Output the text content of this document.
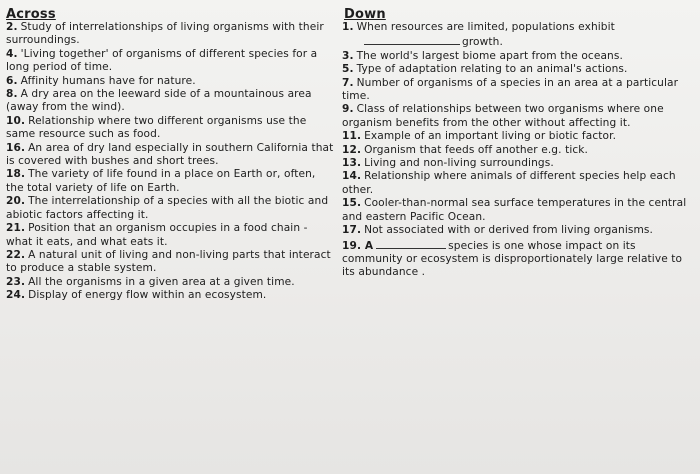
Across
2. Study of interrelationships of living organisms with their surroundings.
4. 'Living together' of organisms of different species for a long period of time.
6. Affinity humans have for nature.
8. A dry area on the leeward side of a mountainous area (away from the wind).
10. Relationship where two different organisms use the same resource such as food.
16. An area of dry land especially in southern California that is covered with bushes and short trees.
18. The variety of life found in a place on Earth or, often, the total variety of life on Earth.
20. The interrelationship of a species with all the biotic and abiotic factors affecting it.
21. Position that an organism occupies in a food chain - what it eats, and what eats it.
22. A natural unit of living and non-living parts that interact to produce a stable system.
23. All the organisms in a given area at a given time.
24. Display of energy flow within an ecosystem.
Down
1. When resources are limited, populations exhibit
growth.
3. The world's largest biome apart from the oceans.
5. Type of adaptation relating to an animal's actions.
7. Number of organisms of a species in an area at a particular time.
9. Class of relationships between two organisms where one organism benefits from the other without affecting it.
11. Example of an important living or biotic factor.
12. Organism that feeds off another e.g. tick.
13. Living and non-living surroundings.
14. Relationship where animals of different species help each other.
15. Cooler-than-normal sea surface temperatures in the central and eastern Pacific Ocean.
17. Not associated with or derived from living organisms.
19. A	species is one whose impact on its community or ecosystem is disproportionately large relative to its abundance .
